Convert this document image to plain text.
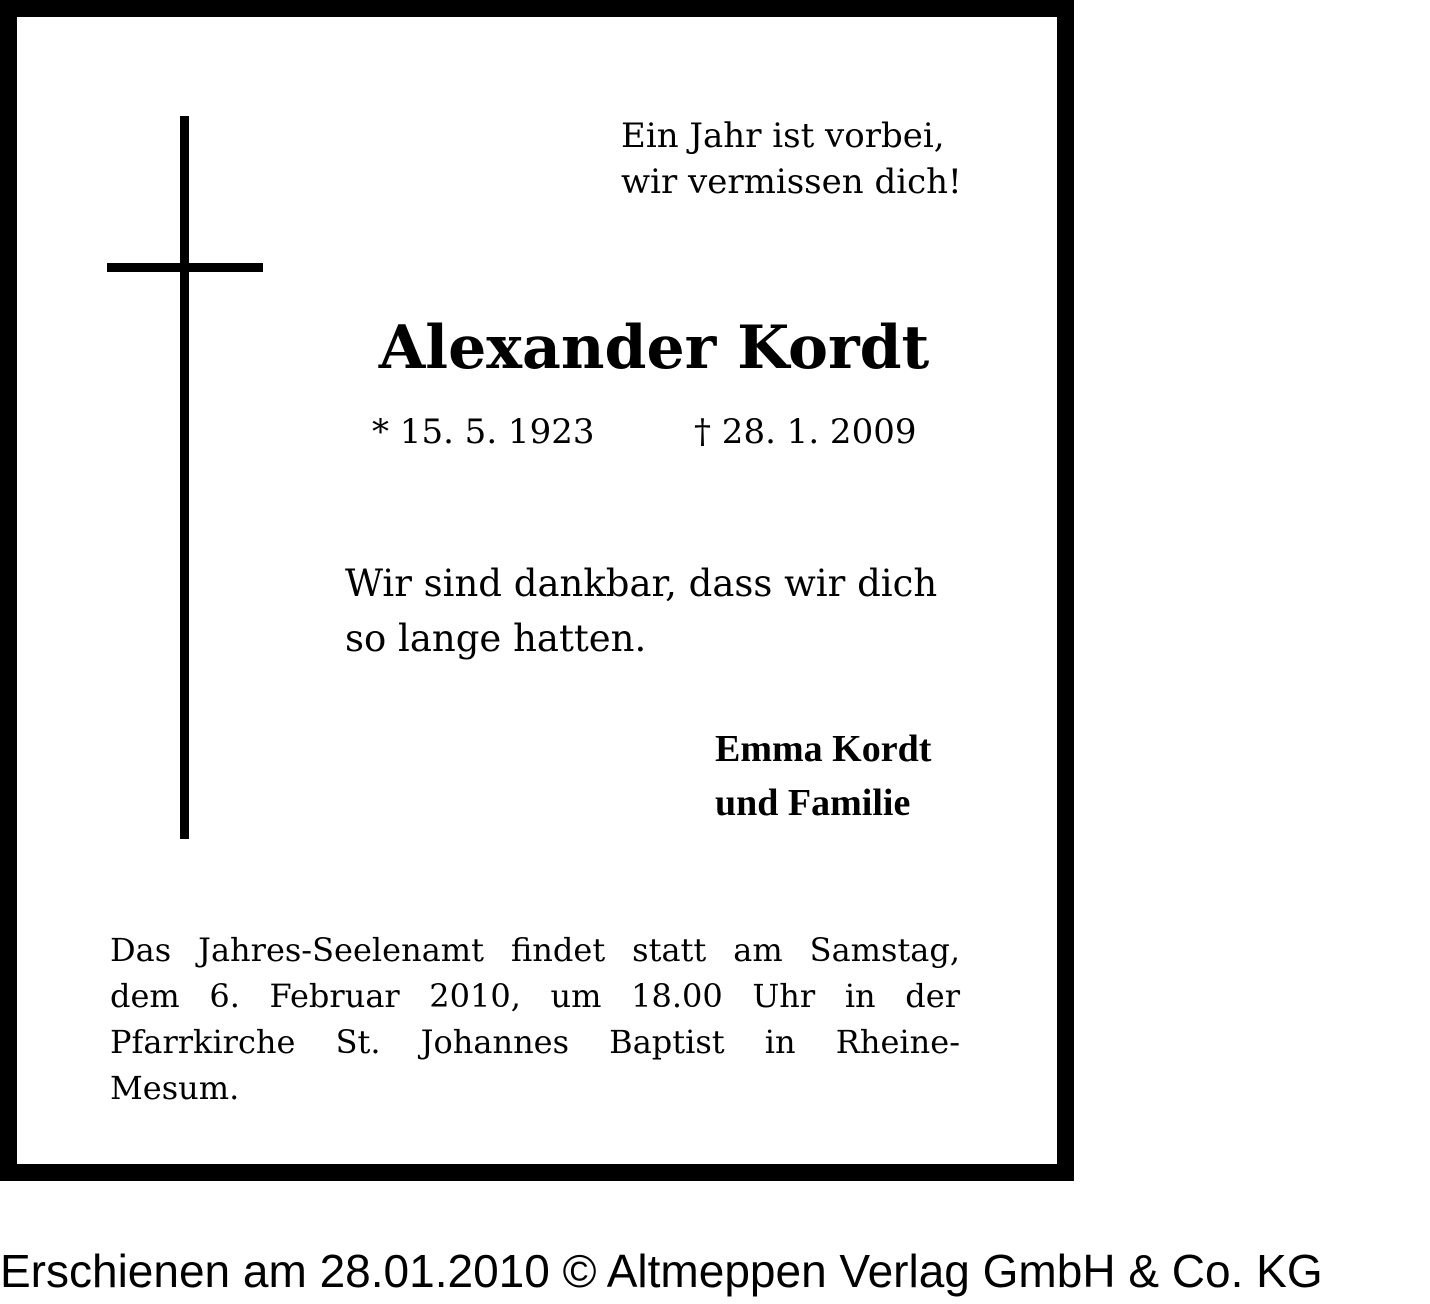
Ein Jahr ist vorbei,
wir vermissen dich!
Alexander Kordt
* 15. 5. 1923	† 28. 1. 2009
Wir sind dankbar, dass wir dich
so lange hatten.
Emma Kordt
und Familie
Das Jahres-Seelenamt findet statt am Samstag, dem 6. Februar 2010, um 18.00 Uhr in der Pfarrkirche St. Johannes Baptist in Rheine-Mesum.
Erschienen am 28.01.2010 © Altmeppen Verlag GmbH & Co. KG
